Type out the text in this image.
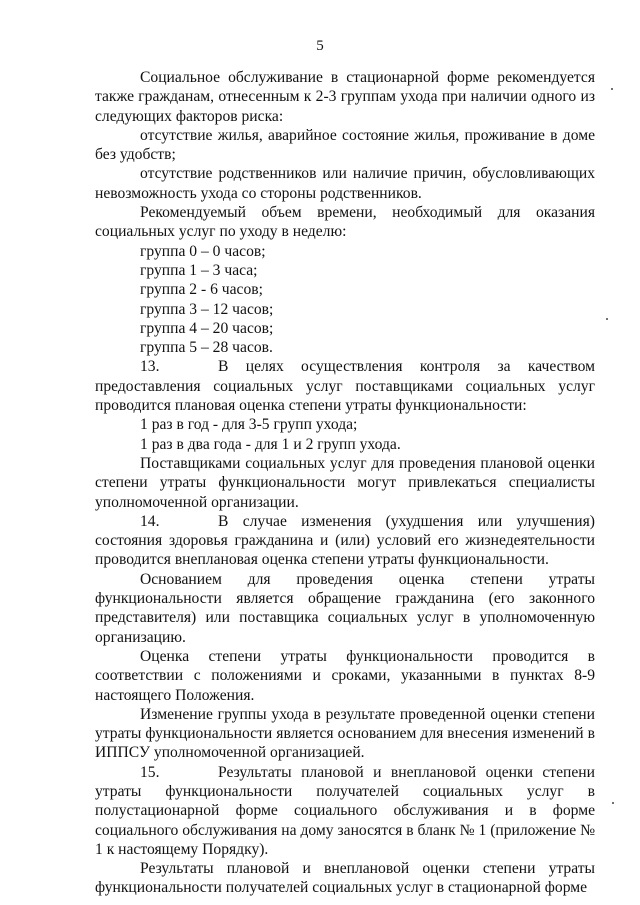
5

Социальное обслуживание в стационарной форме рекомендуется также гражданам, отнесенным к 2-3 группам ухода при наличии одного из следующих факторов риска:

отсутствие жилья, аварийное состояние жилья, проживание в доме без удобств;

отсутствие родственников или наличие причин, обусловливающих невозможность ухода со стороны родственников.

Рекомендуемый объем времени, необходимый для оказания социальных услуг по уходу в неделю:

группа 0 – 0 часов;

группа 1 – 3 часа;

группа 2 - 6 часов;

группа 3 – 12 часов;

группа 4 – 20 часов;

группа 5 – 28 часов.

13.	В целях осуществления контроля за качеством предоставления социальных услуг поставщиками социальных услуг проводится плановая оценка степени утраты функциональности:

1 раз в год - для 3-5 групп ухода;

1 раз в два года - для 1 и 2 групп ухода.

Поставщиками социальных услуг для проведения плановой оценки степени утраты функциональности могут привлекаться специалисты уполномоченной организации.

14.	В случае изменения (ухудшения или улучшения) состояния здоровья гражданина и (или) условий его жизнедеятельности проводится внеплановая оценка степени утраты функциональности.

Основанием для проведения оценка степени утраты функциональности является обращение гражданина (его законного представителя) или поставщика социальных услуг в уполномоченную организацию.

Оценка степени утраты функциональности проводится в соответствии с положениями и сроками, указанными в пунктах 8-9 настоящего Положения.

Изменение группы ухода в результате проведенной оценки степени утраты функциональности является основанием для внесения изменений в ИППСУ уполномоченной организацией.

15.	Результаты плановой и внеплановой оценки степени утраты функциональности получателей социальных услуг в полустационарной форме социального обслуживания и в форме социального обслуживания на дому заносятся в бланк № 1 (приложение № 1 к настоящему Порядку).

Результаты плановой и внеплановой оценки степени утраты функциональности получателей социальных услуг в стационарной форме
